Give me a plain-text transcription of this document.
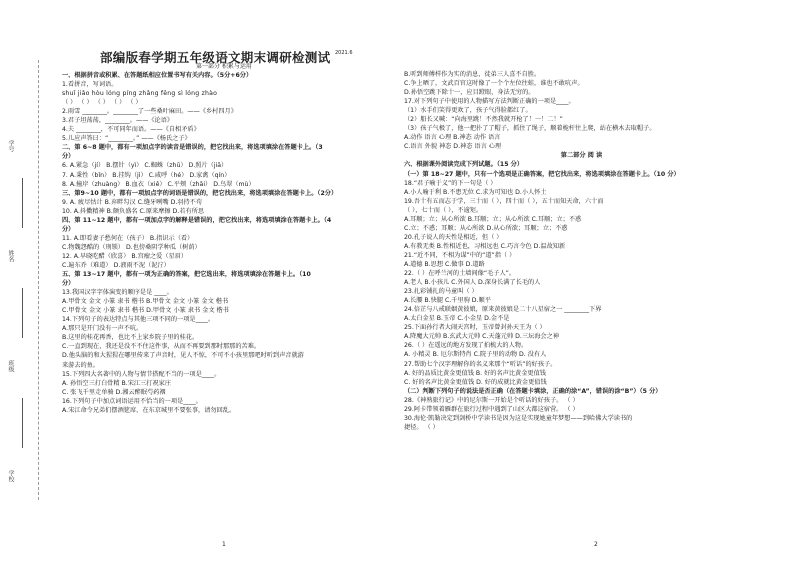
学号
姓名
班级
学校
部编版春学期五年级语文期末调研检测试 2021.6
第一部分 积累与运用
一、根据拼音或积累、在答题纸相应位置书写有关内容。（5分+6分）
1.看拼音，写词语。
shuǐ jiǎo hòu lóng píng zhǎng fěng sì lóng zhào
（ ） （ ） （ ） （ ） （ ）
2.雨雪 ________。________了一些桑叶麻田。——《乡村四月》
3.君子坦荡荡，________。——《论语》
4.夫 ________，不可同年而语。——《自相矛盾》
5.儿应声答曰：“________。” ——《杨氏之子》
二、第 6~8 题中，都有一项加点字的读音是错误的，把它找出来，将选项填涂在答题卡上。（3
分）
6. A.紧急（jí） B.摆针（yì） C.蜘蛛（zhū） D.照片（jiā）
7. A.秉性（bǐn） B.挂钩（jì） C.咸呼（hé） D.家禽（qín）
8. A.撞岸（zhuàng） B.血衣（xiě） C.平颊（zhǎi） D.鸟翠（mù）
三、第9~10 题中，都有一项加点字的词语是错误的，把它找出来，将选项填涂在答题卡上。（2分）
9. A. 疲尽怙计 B.弃畔勾汉 C.缝牙咧嘴 D.羽持不苟
10. A.抖擞精神 B.颇负盛名 C.原来摩擦 D.若有所思
四、第 11~12 题中，都有一项加点字的解释是错误的，把它找出来，将选项填涂在答题卡上。（4
分）
11. A.即看妻子愁何在（孩子） B.指识示（看）
C.物魏怨酷的（刑锁） D.也傍桑阴学种瓜（树荫）
12. A.早晓吃醋（欣喜） B.宫瘤之爱（星眉）
C.遍东乔（难道） D.液雨不泥（泥泞）
五、第 13~17 题中，都有一项为正确的答案，把它选出来，将选项填涂在答题卡上。（10
分）
13.我国汉字字体演变的顺序是是 ____。
A.甲骨文 金文 小篆 隶书 楷书 B.甲骨文 金文 小篆 金文 楷书
C.甲骨文 金文 小篆 隶书 楷书 D.甲骨文 小篆 隶书 金文 楷书
14.下列句子的表达特点与其他三项不同的一项是____。
A.那只是开门没有一声不吭。
B.这里的桂花再香，也比不上家乡院子里的桂花。
C.一直到现在，我还是没不不住这件事，从而不再要到那时那那的苦难。
D.他头脑的和大猩猩在哪里传来了声音时，见人不惊，不可不小孩里那吧时听到声音就游
来游去的鱼。
15.下列四大名著中的人物与情节搭配不当的一项是____。
A. 孙悟空三打白骨精 B.宋江三打祝家庄
C. 张飞千里走单骑 D.湘云醉眠芍药裀
16.下列句子中加点词语运用不恰当的一项是____。
A.宋江命令兄弟们摆酒筵席，在东京城里不要张事，请勿回乱。
B.听到师傅样作为实的消息，徒弟三人喜不自胜。
C.争上晒了，文武百官这时像了一个个左位往蛙，谁也不敢吭声。
D.孙悟空跳下除十一，应目蹬眼，身法无穷的。
17.对下列句子中使用的人物描写方法判断正确的一项是____。
（1）水手们笑得更欢了，孩子气得脸都红了。
（2）船长又喊：“向海里跳！不然我就开枪了！一！二！”
（3）孩子气极了，他一把扑了了帽子，抓住了绳子，顺着桅杆往上爬，站在横木去取帽子。
A.动作 语言 心理 B.神态 动作 语言
C.语言 外貌 神态 D.神态 语言 心理
第二部分 阅 读
六、根据课外阅读完成下列试题。（15 分）
（一）第 18~27 题中，只有一个选项是正确答案，把它找出来，将选项填涂在答题卡上。（10 分）
18.“君子喻于义”的下一句是（ ）
A.小人喻于利 B.不患无位 C.求为可知也 D.小人怀土
19.吾十有五而志于学，三十而（ ），四十而（ ），五十而知天命，六十而
（ ），七十而（ ），不逾矩。
A.耳顺；立；从心所欲 B.耳顺；立；从心所欲 C.耳顺；立；不惑
C.立；不惑；耳顺；从心所欲 D.从心所欲；耳顺；立；不惑
20.孔子说人的天性是相近，但（ ）
A.有教无类 B.性相近也，习相远也 C.巧言令色 D.温故知新
21.“近不同，不相为谋”中的“道”指（ ）
A.道德 B.思想 C.做事 D.道路
22.（ ）在呼兰河的土墙间像“毛子人”。
A.老人 B.小孩儿 C.外国人 D.深身长满了长毛的人
23.扎彩铺扎的马童叫（ ）
A.长腰 B.快腿 C.千里驹 D.顺平
24.倍芷与八戒联姻黄彼娘，原来黄彼娘是二十八星宿之一 ________下界
A.太白金星 B.玉帝 C.小金星 D.金不是
25.下面孙行者大闹天宫时，玉帝曾封孙天王为（ ）
A.降魔大元帅 B.玄武大元帅 C.天蓬元帅 D.三坛海会之神
26.（ ）在遥远的地方发现了拍梳大的人物。
A. 小精灵 B. 厄尔斯特肖 C.院子里的动物 D. 没有人
27.帮助七个汉字理解你的名义来那个“听话”的好孩子。
A. 好的品质比黄金更值钱 B. 好的名声比黄金更值钱
C. 好的名声比黄金更值钱 D. 好的成就比黄金更值钱
（二）判断下列句子的说法是否正确（在答题卡填涂，正确的涂“A”，错误的涂“B”）（5 分）
28.《神熟旅行记》中的尼尔斯一开始是个听话的好孩子。 （ ）
29.阿卡带领着雁群在旅行过程中遇到了山区大都这宿营。 （ ）
30.海伦·凯勒决定到剑桥中学读书是因为这是实现她童年梦想——到哈佛大学读书的
捷径。 （ ）
1	2
